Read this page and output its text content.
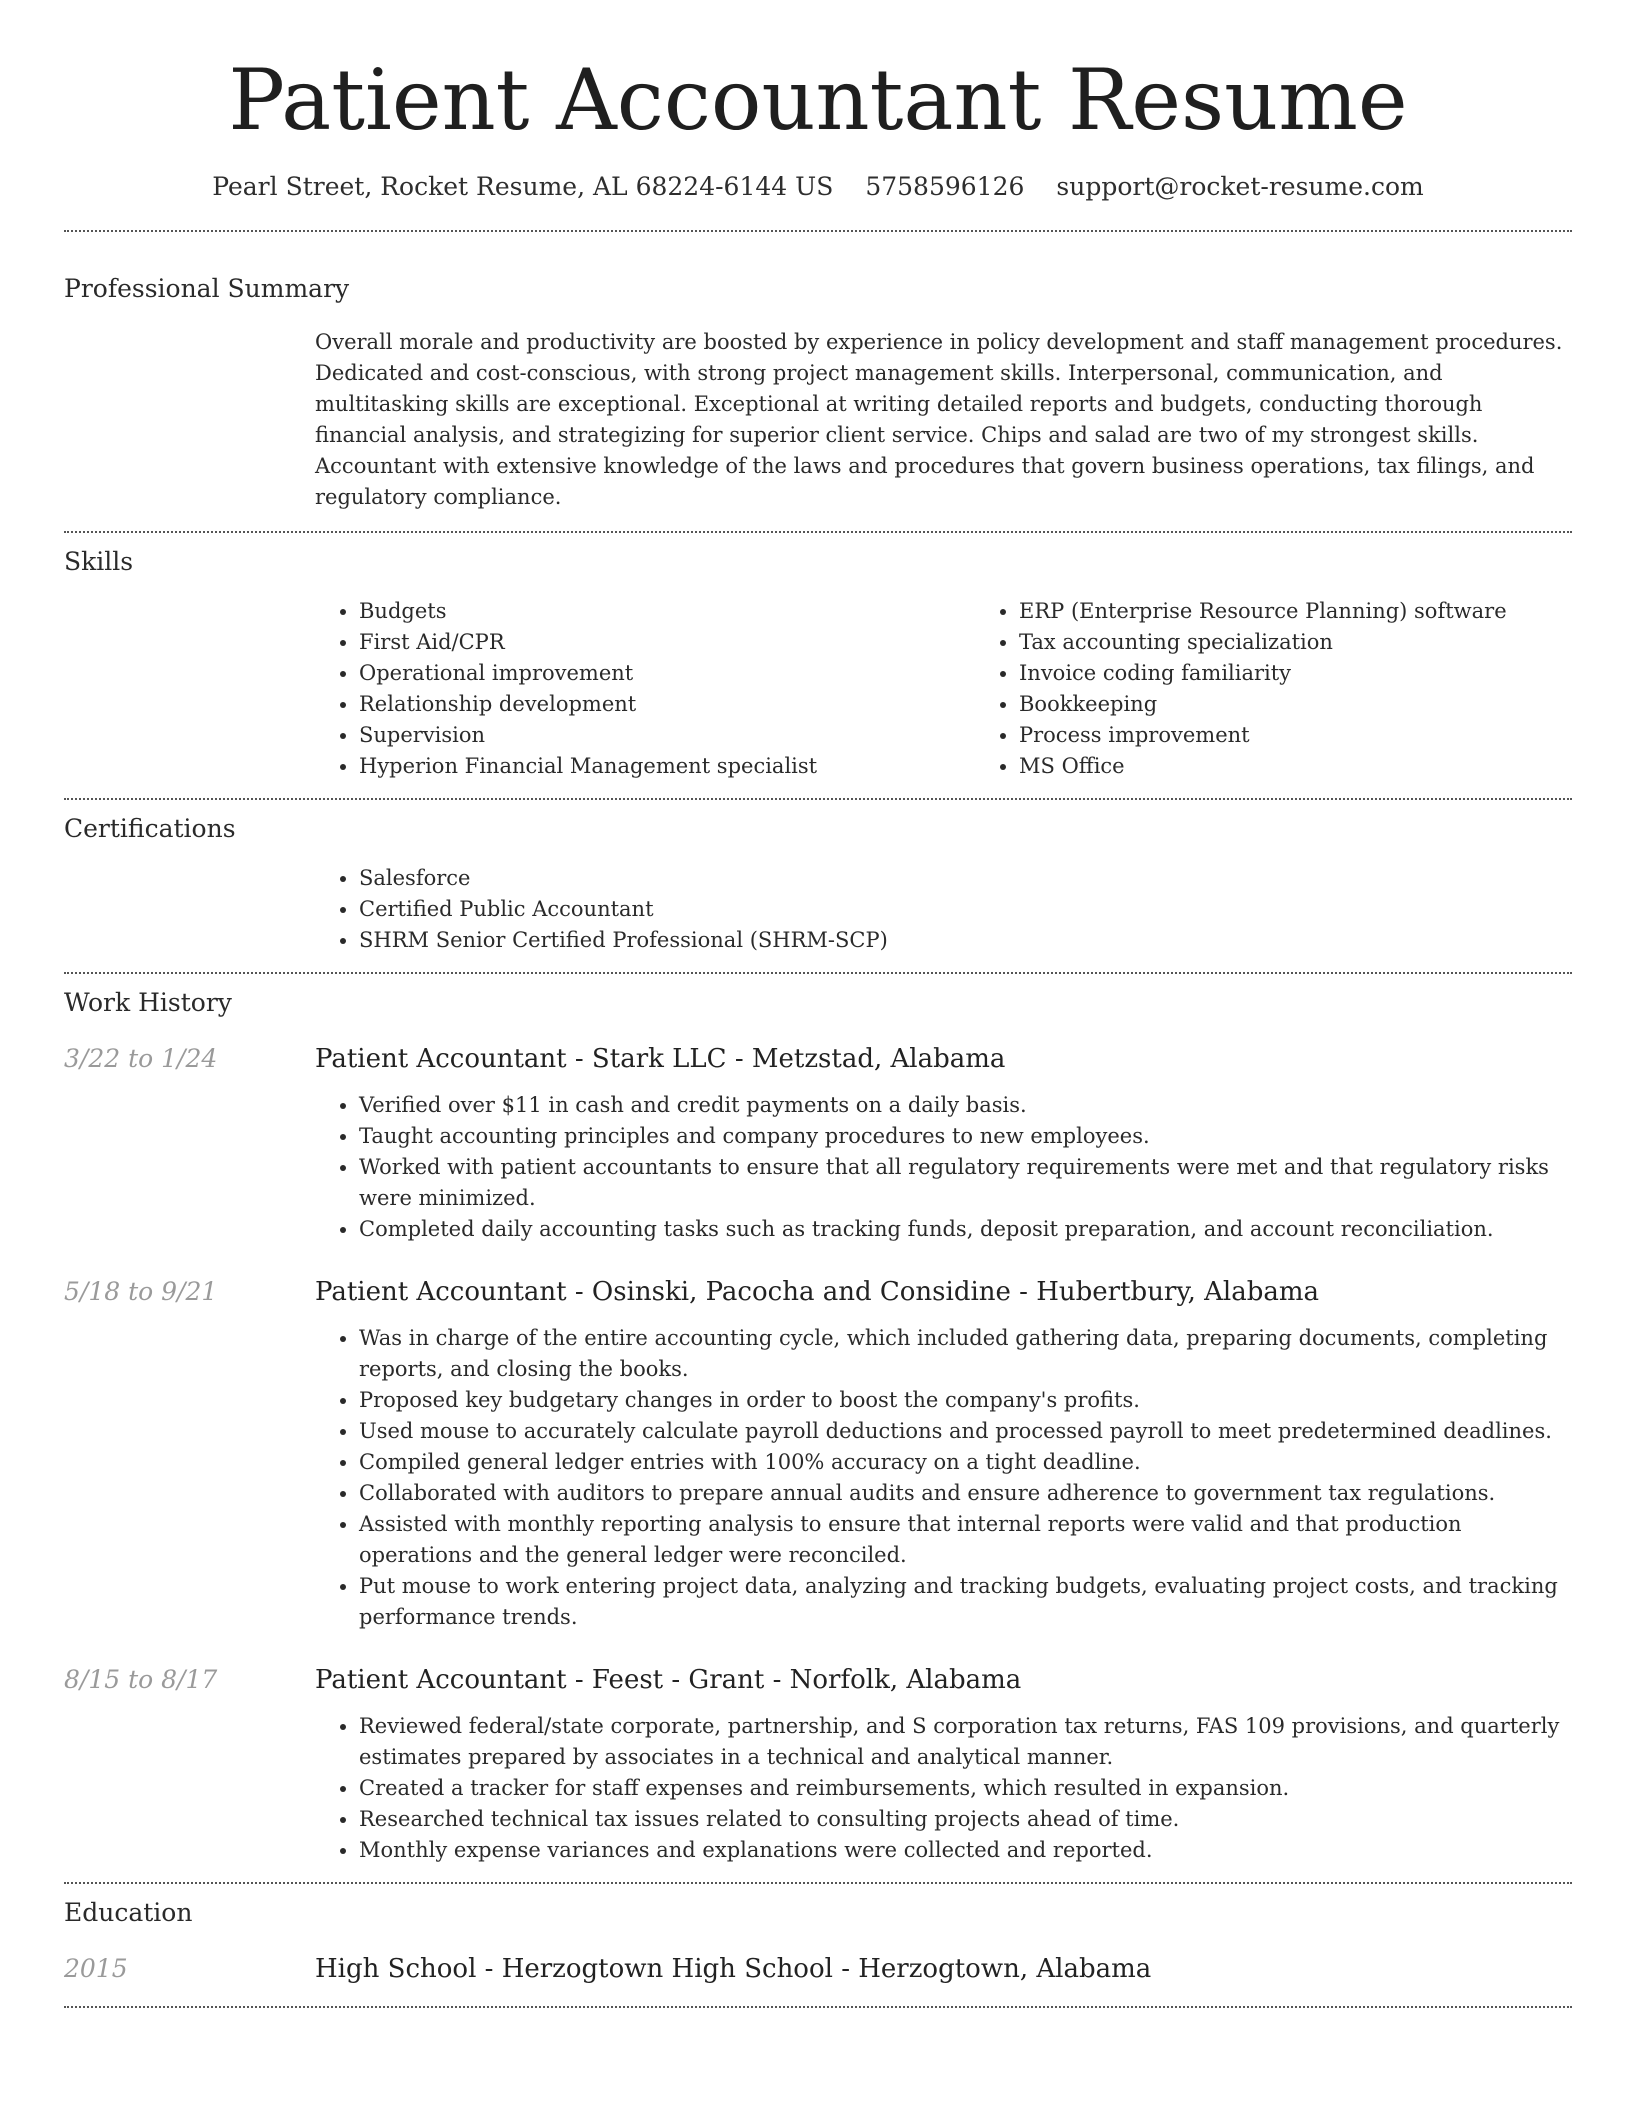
Patient Accountant Resume
Pearl Street, Rocket Resume, AL 68224-6144 US 5758596126 support@rocket-resume.com
Professional Summary

Overall morale and productivity are boosted by experience in policy development and staff management procedures. Dedicated and cost-conscious, with strong project management skills. Interpersonal, communication, and multitasking skills are exceptional. Exceptional at writing detailed reports and budgets, conducting thorough financial analysis, and strategizing for superior client service. Chips and salad are two of my strongest skills. Accountant with extensive knowledge of the laws and procedures that govern business operations, tax filings, and regulatory compliance.

Skills
• Budgets
• First Aid/CPR
• Operational improvement
• Relationship development
• Supervision
• Hyperion Financial Management specialist
• ERP (Enterprise Resource Planning) software
• Tax accounting specialization
• Invoice coding familiarity
• Bookkeeping
• Process improvement
• MS Office
Certifications
• Salesforce
• Certified Public Accountant
• SHRM Senior Certified Professional (SHRM-SCP)
Work History
3/22 to 1/24	Patient Accountant - Stark LLC - Metzstad, Alabama

• Verified over $11 in cash and credit payments on a daily basis.
• Taught accounting principles and company procedures to new employees.
• Worked with patient accountants to ensure that all regulatory requirements were met and that regulatory risks were minimized.
• Completed daily accounting tasks such as tracking funds, deposit preparation, and account reconciliation.
5/18 to 9/21	Patient Accountant - Osinski, Pacocha and Considine - Hubertbury, Alabama

• Was in charge of the entire accounting cycle, which included gathering data, preparing documents, completing reports, and closing the books.
• Proposed key budgetary changes in order to boost the company's profits.
• Used mouse to accurately calculate payroll deductions and processed payroll to meet predetermined deadlines.
• Compiled general ledger entries with 100% accuracy on a tight deadline.
• Collaborated with auditors to prepare annual audits and ensure adherence to government tax regulations.
• Assisted with monthly reporting analysis to ensure that internal reports were valid and that production operations and the general ledger were reconciled.
• Put mouse to work entering project data, analyzing and tracking budgets, evaluating project costs, and tracking performance trends.
8/15 to 8/17	Patient Accountant - Feest - Grant - Norfolk, Alabama

• Reviewed federal/state corporate, partnership, and S corporation tax returns, FAS 109 provisions, and quarterly estimates prepared by associates in a technical and analytical manner.
• Created a tracker for staff expenses and reimbursements, which resulted in expansion.
• Researched technical tax issues related to consulting projects ahead of time.
• Monthly expense variances and explanations were collected and reported.
Education
2015	High School - Herzogtown High School - Herzogtown, Alabama
